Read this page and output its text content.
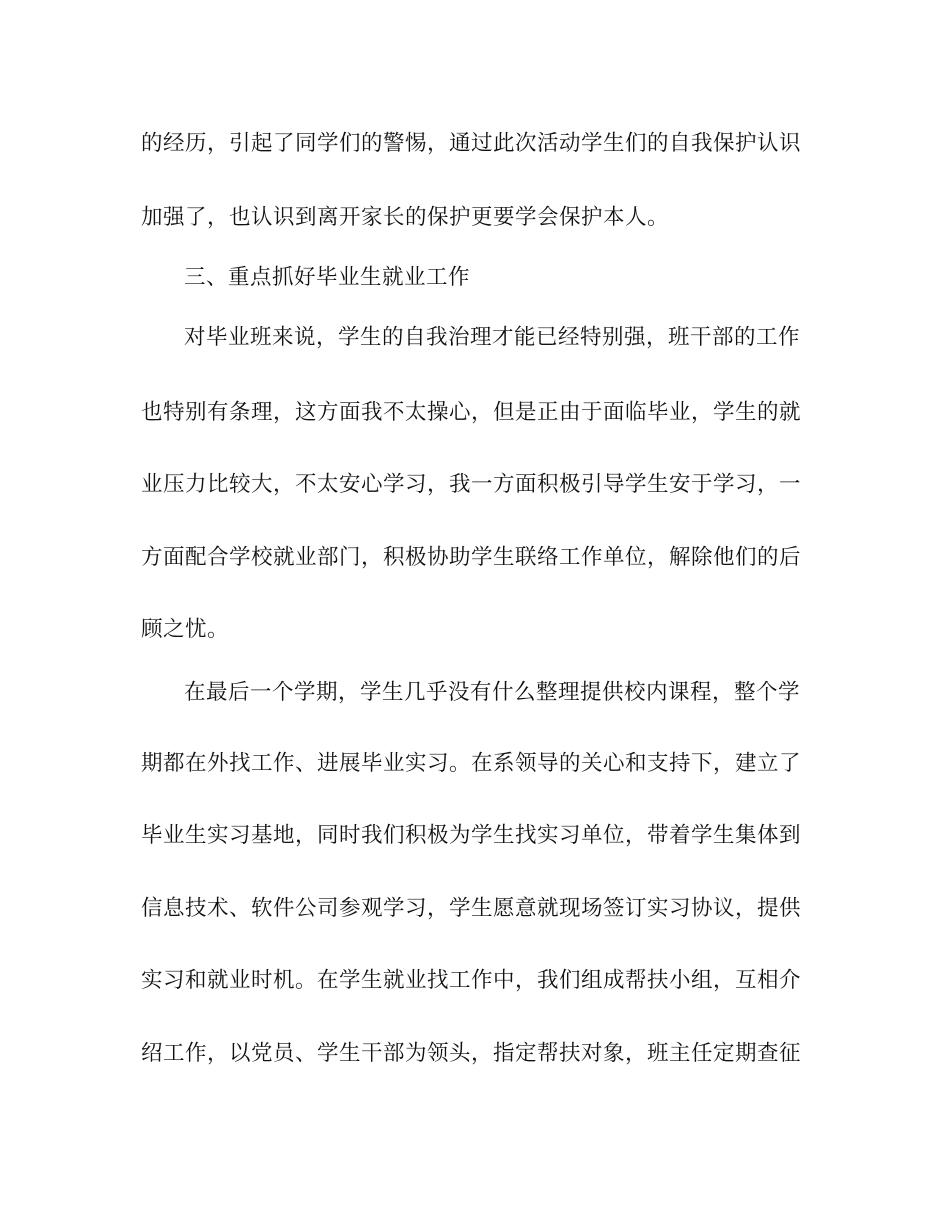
的经历，引起了同学们的警惕，通过此次活动学生们的自我保护认识
加强了，也认识到离开家长的保护更要学会保护本人。
三、重点抓好毕业生就业工作
对毕业班来说，学生的自我治理才能已经特别强，班干部的工作
也特别有条理，这方面我不太操心，但是正由于面临毕业，学生的就
业压力比较大，不太安心学习，我一方面积极引导学生安于学习，一
方面配合学校就业部门，积极协助学生联络工作单位，解除他们的后
顾之忧。
在最后一个学期，学生几乎没有什么整理提供校内课程，整个学
期都在外找工作、进展毕业实习。在系领导的关心和支持下，建立了
毕业生实习基地，同时我们积极为学生找实习单位，带着学生集体到
信息技术、软件公司参观学习，学生愿意就现场签订实习协议，提供
实习和就业时机。在学生就业找工作中，我们组成帮扶小组，互相介
绍工作，以党员、学生干部为领头，指定帮扶对象，班主任定期查征
